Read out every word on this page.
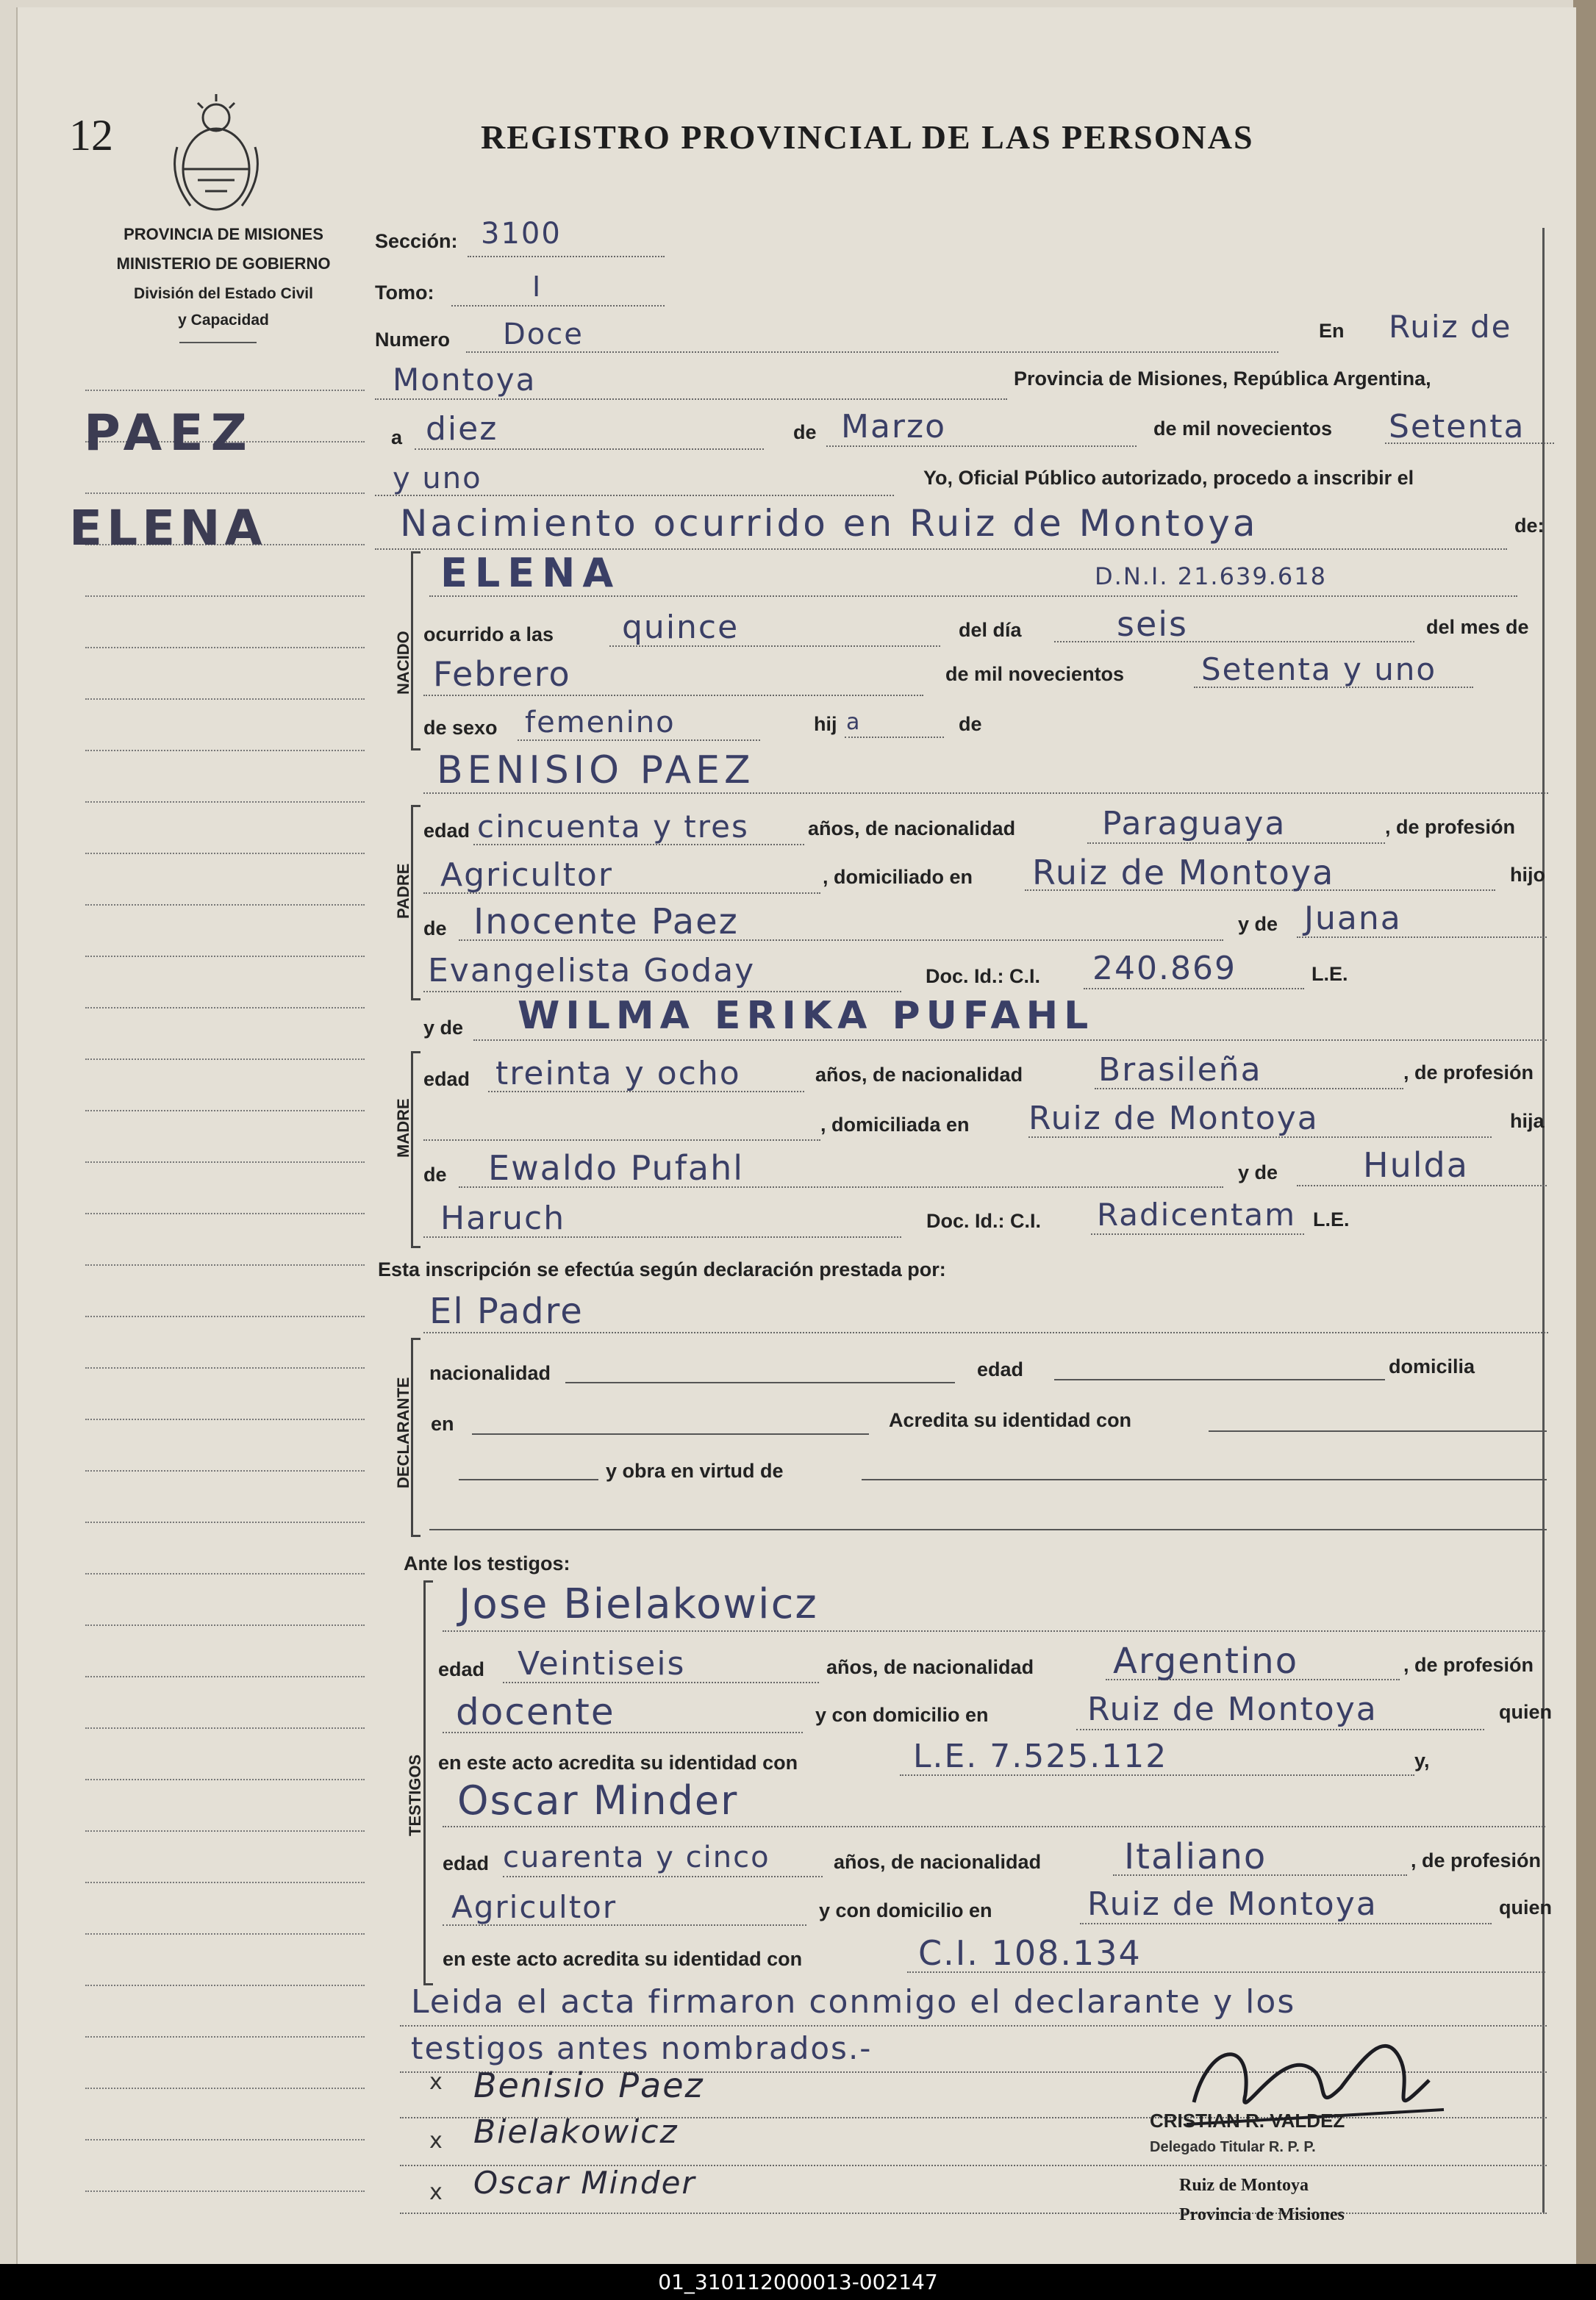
12	REGISTRO PROVINCIAL DE LAS PERSONAS
PROVINCIA DE MISIONES
MINISTERIO DE GOBIERNO
División del Estado Civil
y Capacidad
PAEZ
ELENA
Sección: 3100
Tomo:	I
Numero Doce	En Ruiz de
Montoya	Provincia de Misiones, República Argentina,
a diez	de Marzo	de mil novecientos Setenta
y uno	Yo, Oficial Público autorizado, procedo a inscribir el
Nacimiento ocurrido en Ruiz de Montoya	de:
NACIDO
ELENA	D.N.I. 21.639.618
ocurrido a las quince	del día	seis	del mes de
Febrero	de mil novecientos Setenta y uno
de sexo femenino	hij a	de
BENISIO PAEZ
PADRE
edad cincuenta y tres	años, de nacionalidad	Paraguaya	, de profesión
Agricultor	, domiciliado en Ruiz de Montoya	hijo
de Inocente Paez	y de Juana
Evangelista Goday	Doc. Id.: C.I. 240.869	L.E.
y de WILMA ERIKA PUFAHL
MADRE
edad treinta y ocho	años, de nacionalidad Brasileña	, de profesión
, domiciliada en Ruiz de Montoya	hija
de Ewaldo Pufahl	y de	Hulda
Haruch	Doc. Id.: C.I. Radicentam L.E.
Esta inscripción se efectúa según declaración prestada por:
El Padre
DECLARANTE
nacionalidad	edad	domicilia
en	Acredita su identidad con
y obra en virtud de
Ante los testigos:
TESTIGOS
Jose Bielakowicz
edad Veintiseis	años, de nacionalidad Argentino	, de profesión
docente	y con domicilio en	Ruiz de Montoya	quien
en este acto acredita su identidad con	L.E. 7.525.112	y,
Oscar Minder
edad cuarenta y cinco	años, de nacionalidad Italiano	, de profesión
Agricultor	y con domicilio en	Ruiz de Montoya	quien
en este acto acredita su identidad con	C.I. 108.134
Leida el acta firmaron conmigo el declarante y los
testigos antes nombrados.-
x Benisio Paez
x Bielakowicz
x Oscar Minder
CRISTIAN R. VALDEZ
Delegado Titular R. P. P.
Ruiz de Montoya
Provincia de Misiones
01_310112000013-002147
